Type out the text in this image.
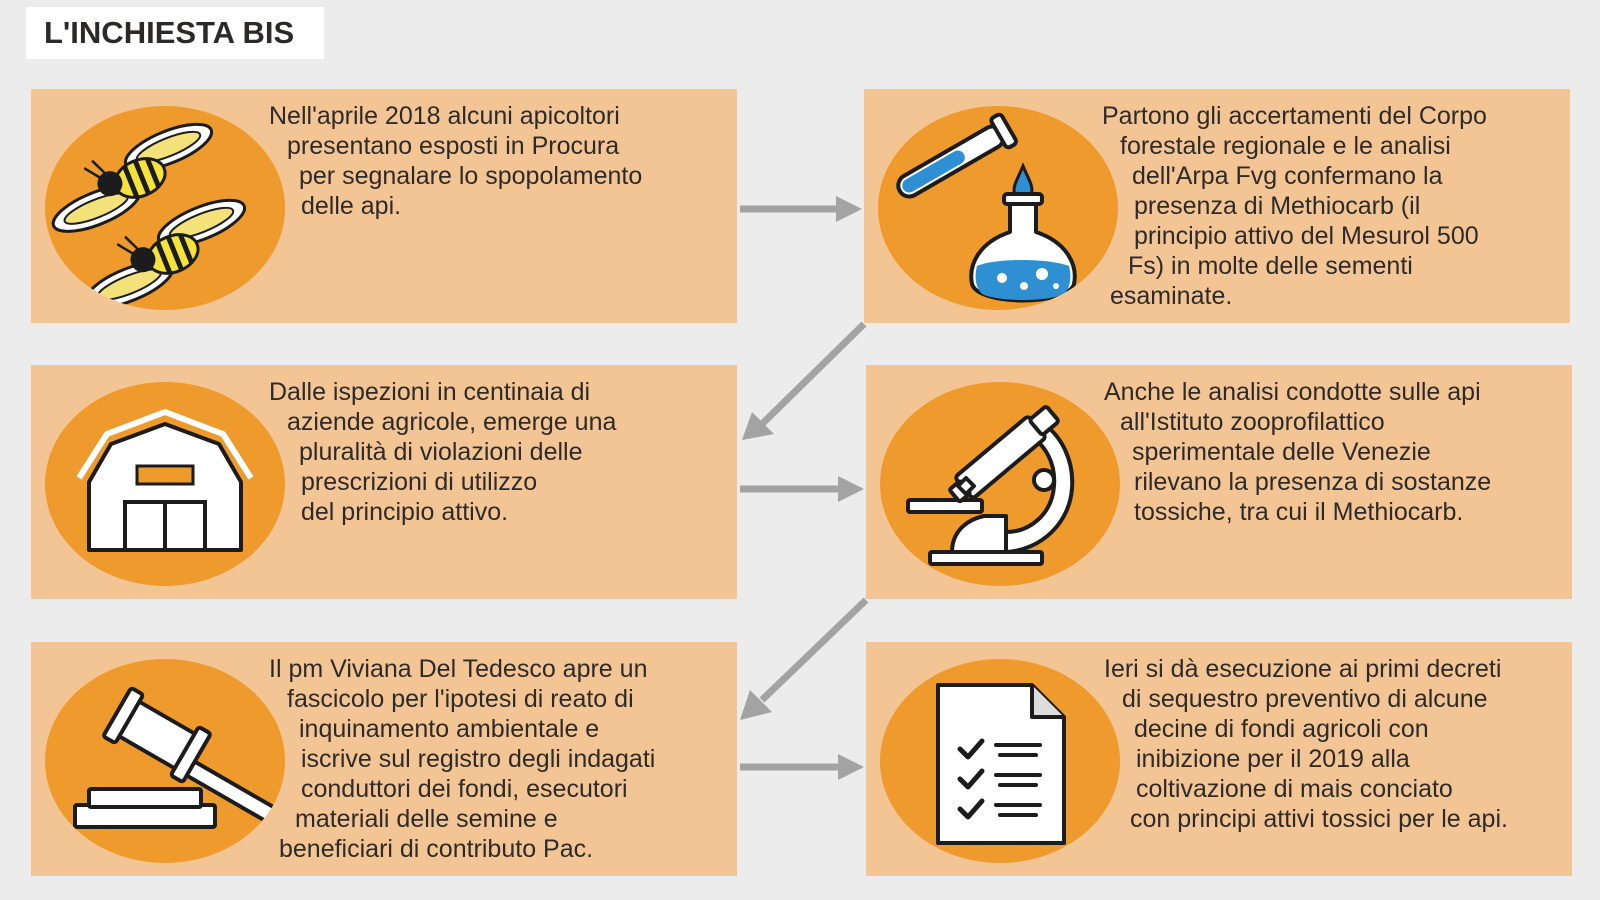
L'INCHIESTA BIS
Nell'aprile 2018 alcuni apicoltori
presentano esposti in Procura
per segnalare lo spopolamento
delle api.
Partono gli accertamenti del Corpo
forestale regionale e le analisi
dell'Arpa Fvg confermano la
presenza di Methiocarb (il
principio attivo del Mesurol 500
Fs) in molte delle sementi
esaminate.
Dalle ispezioni in centinaia di
aziende agricole, emerge una
pluralità di violazioni delle
prescrizioni di utilizzo
del principio attivo.
Anche le analisi condotte sulle api
all'Istituto zooprofilattico
sperimentale delle Venezie
rilevano la presenza di sostanze
tossiche, tra cui il Methiocarb.
Il pm Viviana Del Tedesco apre un
fascicolo per l'ipotesi di reato di
inquinamento ambientale e
iscrive sul registro degli indagati
conduttori dei fondi, esecutori
materiali delle semine e
beneficiari di contributo Pac.
Ieri si dà esecuzione ai primi decreti
di sequestro preventivo di alcune
decine di fondi agricoli con
inibizione per il 2019 alla
coltivazione di mais conciato
con principi attivi tossici per le api.
